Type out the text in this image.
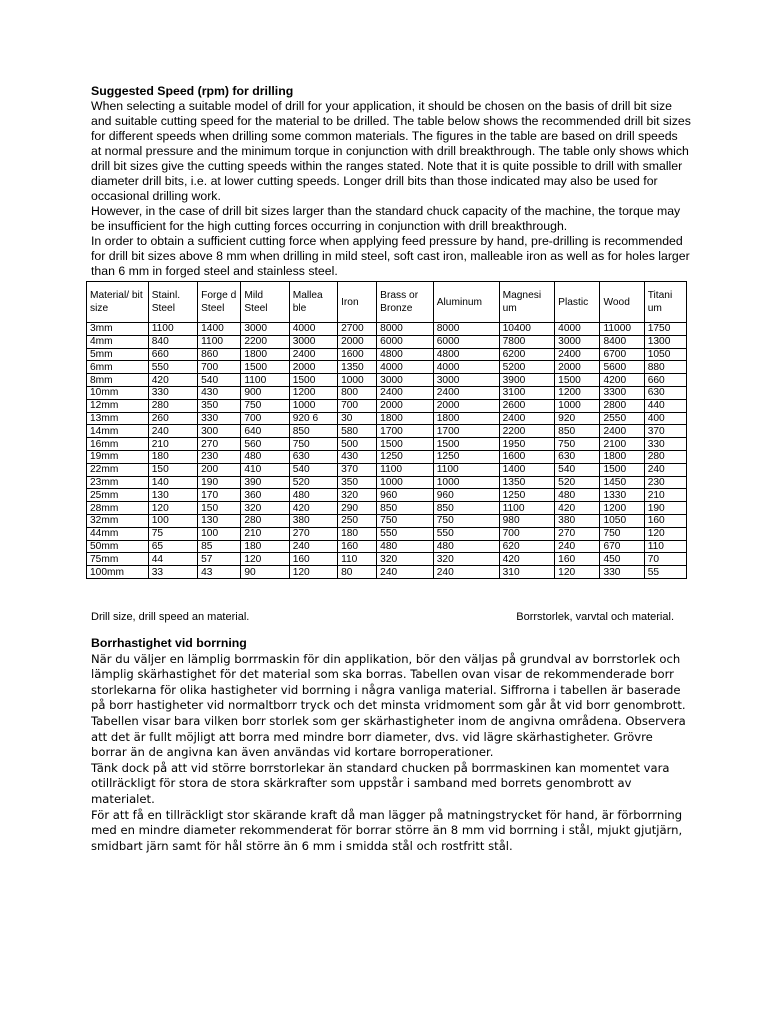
Suggested Speed (rpm) for drilling

When selecting a suitable model of drill for your application, it should be chosen on the basis of drill bit size and suitable cutting speed for the material to be drilled. The table below shows the recommended drill bit sizes for different speeds when drilling some common materials. The figures in the table are based on drill speeds at normal pressure and the minimum torque in conjunction with drill breakthrough. The table only shows which drill bit sizes give the cutting speeds within the ranges stated. Note that it is quite possible to drill with smaller diameter drill bits, i.e. at lower cutting speeds. Longer drill bits than those indicated may also be used for occasional drilling work.

However, in the case of drill bit sizes larger than the standard chuck capacity of the machine, the torque may be insufficient for the high cutting forces occurring in conjunction with drill breakthrough.

In order to obtain a sufficient cutting force when applying feed pressure by hand, pre-drilling is recommended for drill bit sizes above 8 mm when drilling in mild steel, soft cast iron, malleable iron as well as for holes larger than 6 mm in forged steel and stainless steel.

Material/ bit size	Stainl. Steel	Forge d Steel	Mild Steel	Mallea ble	Iron	Brass or Bronze	Aluminum	Magnesi um	Plastic	Wood	Titani um
3mm	1100	1400	3000	4000	2700	8000	8000	10400	4000	11000	1750
4mm	840	1100	2200	3000	2000	6000	6000	7800	3000	8400	1300
5mm	660	860	1800	2400	1600	4800	4800	6200	2400	6700	1050
6mm	550	700	1500	2000	1350	4000	4000	5200	2000	5600	880
8mm	420	540	1100	1500	1000	3000	3000	3900	1500	4200	660
10mm	330	430	900	1200	800	2400	2400	3100	1200	3300	630
12mm	280	350	750	1000	700	2000	2000	2600	1000	2800	440
13mm	260	330	700	920 6	30	1800	1800	2400	920	2550	400
14mm	240	300	640	850	580	1700	1700	2200	850	2400	370
16mm	210	270	560	750	500	1500	1500	1950	750	2100	330
19mm	180	230	480	630	430	1250	1250	1600	630	1800	280
22mm	150	200	410	540	370	1100	1100	1400	540	1500	240
23mm	140	190	390	520	350	1000	1000	1350	520	1450	230
25mm	130	170	360	480	320	960	960	1250	480	1330	210
28mm	120	150	320	420	290	850	850	1100	420	1200	190
32mm	100	130	280	380	250	750	750	980	380	1050	160
44mm	75	100	210	270	180	550	550	700	270	750	120
50mm	65	85	180	240	160	480	480	620	240	670	110
75mm	44	57	120	160	110	320	320	420	160	450	70
100mm	33	43	90	120	80	240	240	310	120	330	55
Drill size, drill speed an material.	Borrstorlek, varvtal och material.
Borrhastighet vid borrning

När du väljer en lämplig borrmaskin för din applikation, bör den väljas på grundval av borrstorlek och lämplig skärhastighet för det material som ska borras. Tabellen ovan visar de rekommenderade borr storlekarna för olika hastigheter vid borrning i några vanliga material. Siffrorna i tabellen är baserade på borr hastigheter vid normaltborr tryck och det minsta vridmoment som går åt vid borr genombrott. Tabellen visar bara vilken borr storlek som ger skärhastigheter inom de angivna områdena. Observera att det är fullt möjligt att borra med mindre borr diameter, dvs. vid lägre skärhastigheter. Grövre borrar än de angivna kan även användas vid kortare borroperationer.

Tänk dock på att vid större borrstorlekar än standard chucken på borrmaskinen kan momentet vara otillräckligt för stora de stora skärkrafter som uppstår i samband med borrets genombrott av materialet.

För att få en tillräckligt stor skärande kraft då man lägger på matningstrycket för hand, är förborrning med en mindre diameter rekommenderat för borrar större än 8 mm vid borrning i stål, mjukt gjutjärn, smidbart järn samt för hål större än 6 mm i smidda stål och rostfritt stål.
